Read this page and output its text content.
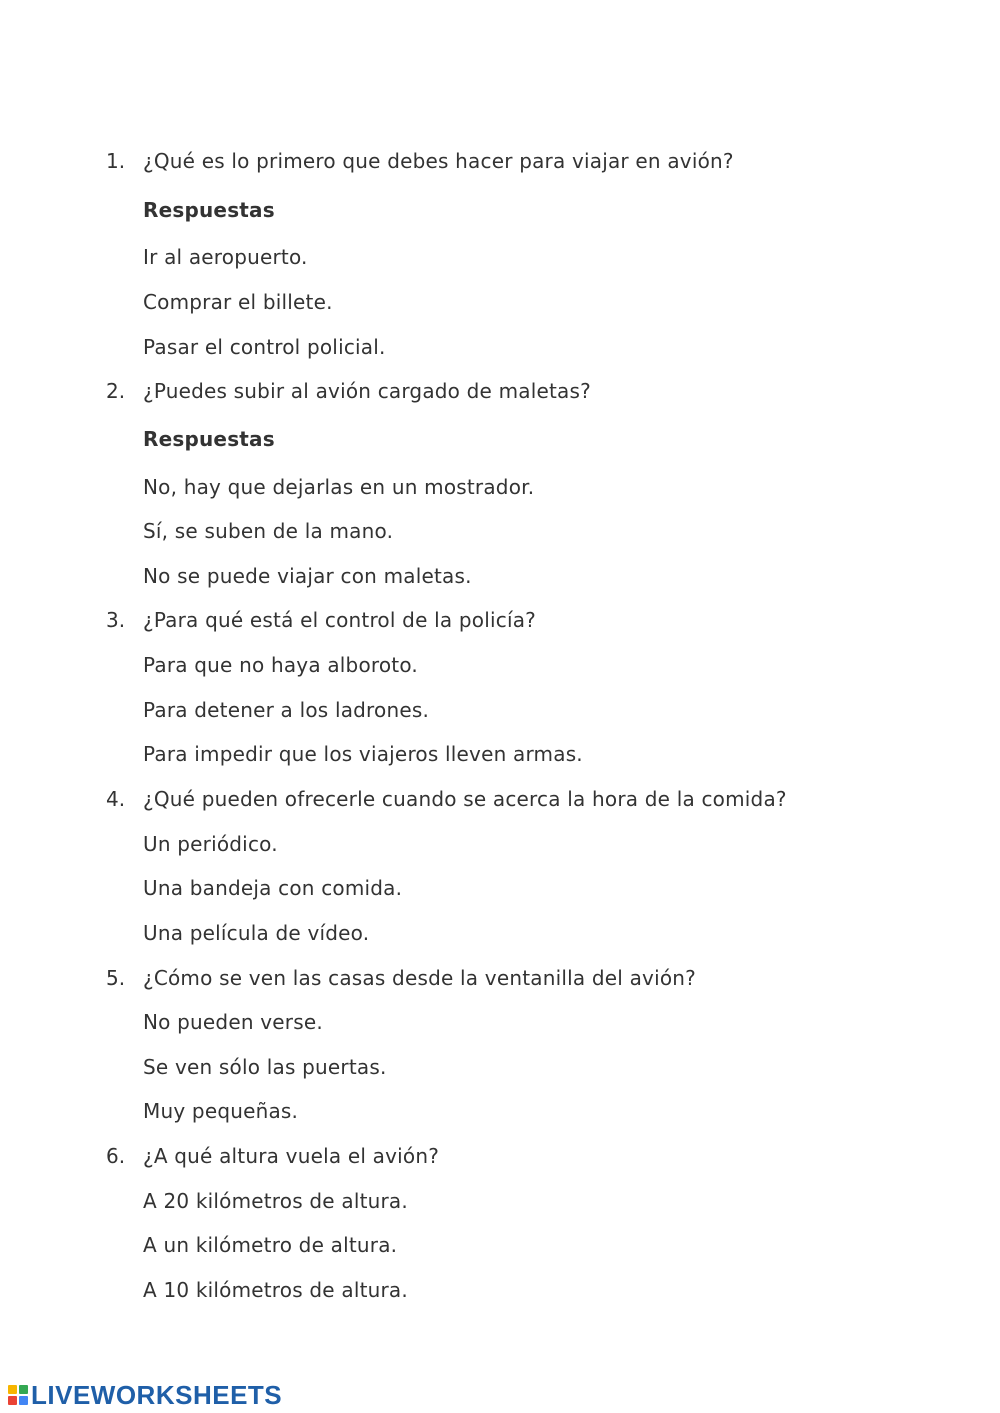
1. ¿Qué es lo primero que debes hacer para viajar en avión?
Respuestas
Ir al aeropuerto.
Comprar el billete.
Pasar el control policial.
2. ¿Puedes subir al avión cargado de maletas?
Respuestas
No, hay que dejarlas en un mostrador.
Sí, se suben de la mano.
No se puede viajar con maletas.
3. ¿Para qué está el control de la policía?
Para que no haya alboroto.
Para detener a los ladrones.
Para impedir que los viajeros lleven armas.
4. ¿Qué pueden ofrecerle cuando se acerca la hora de la comida?
Un periódico.
Una bandeja con comida.
Una película de vídeo.
5. ¿Cómo se ven las casas desde la ventanilla del avión?
No pueden verse.
Se ven sólo las puertas.
Muy pequeñas.
6. ¿A qué altura vuela el avión?
A 20 kilómetros de altura.
A un kilómetro de altura.
A 10 kilómetros de altura.
LIVEWORKSHEETS
